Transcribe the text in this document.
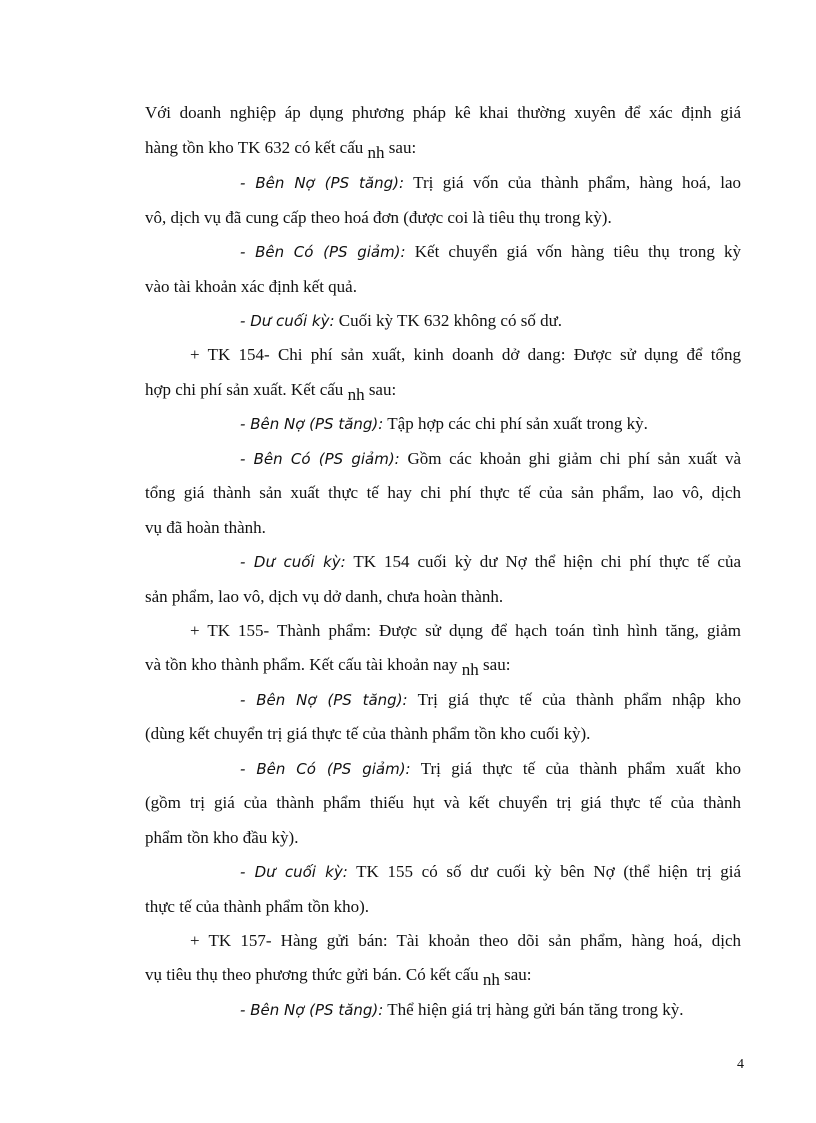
Với doanh nghiệp áp dụng phương pháp kê khai thường xuyên để xác định giá
hàng tồn kho TK 632 có kết cấu nh sau:
- Bên Nợ (PS tăng): Trị giá vốn của thành phẩm, hàng hoá, lao
vô, dịch vụ đã cung cấp theo hoá đơn (được coi là tiêu thụ trong kỳ).
- Bên Có (PS giảm): Kết chuyển giá vốn hàng tiêu thụ trong kỳ
vào tài khoản xác định kết quả.
- Dư cuối kỳ: Cuối kỳ TK 632 không có số dư.
+ TK 154- Chi phí sản xuất, kinh doanh dở dang: Được sử dụng để tổng
hợp chi phí sản xuất. Kết cấu nh sau:
- Bên Nợ (PS tăng): Tập hợp các chi phí sản xuất trong kỳ.
- Bên Có (PS giảm): Gồm các khoản ghi giảm chi phí sản xuất và
tổng giá thành sản xuất thực tế hay chi phí thực tế của sản phẩm, lao vô, dịch
vụ đã hoàn thành.
- Dư cuối kỳ: TK 154 cuối kỳ dư Nợ thể hiện chi phí thực tế của
sản phẩm, lao vô, dịch vụ dở danh, chưa hoàn thành.
+ TK 155- Thành phẩm: Được sử dụng để hạch toán tình hình tăng, giảm
và tồn kho thành phẩm. Kết cấu tài khoản nay nh sau:
- Bên Nợ (PS tăng): Trị giá thực tế của thành phẩm nhập kho
(dùng kết chuyển trị giá thực tế của thành phẩm tồn kho cuối kỳ).
- Bên Có (PS giảm): Trị giá thực tế của thành phẩm xuất kho
(gồm trị giá của thành phẩm thiếu hụt và kết chuyển trị giá thực tế của thành
phẩm tồn kho đầu kỳ).
- Dư cuối kỳ: TK 155 có số dư cuối kỳ bên Nợ (thể hiện trị giá
thực tế của thành phẩm tồn kho).
+ TK 157- Hàng gửi bán: Tài khoản theo dõi sản phẩm, hàng hoá, dịch
vụ tiêu thụ theo phương thức gửi bán. Có kết cấu nh sau:
- Bên Nợ (PS tăng): Thể hiện giá trị hàng gửi bán tăng trong kỳ.
4
